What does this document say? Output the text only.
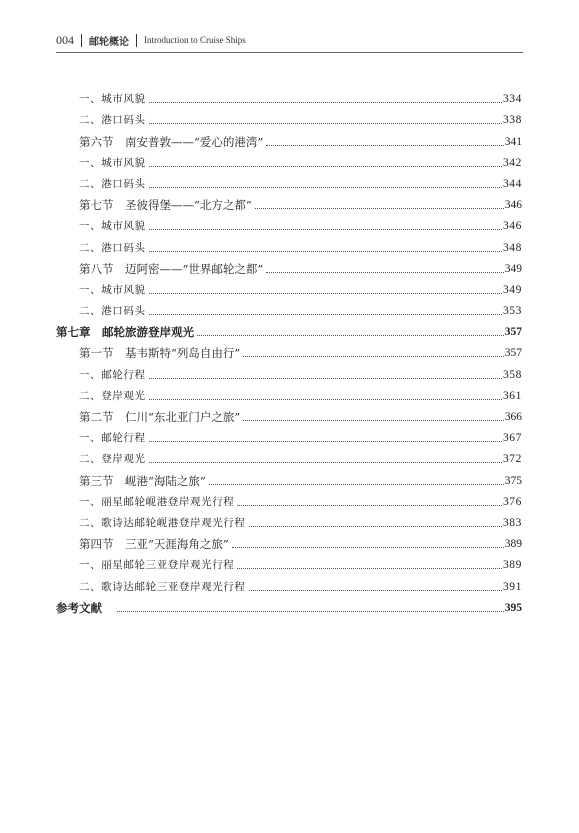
004 邮轮概论 Introduction to Cruise Ships
一、城市风貌	334
二、港口码头	338
第六节　南安普敦——“爱心的港湾”	341
一、城市风貌	342
二、港口码头	344
第七节　圣彼得堡——“北方之都”	346
一、城市风貌	346
二、港口码头	348
第八节　迈阿密——“世界邮轮之都”	349
一、城市风貌	349
二、港口码头	353
第七章　邮轮旅游登岸观光	357
第一节　基韦斯特“列岛自由行”	357
一、邮轮行程	358
二、登岸观光	361
第二节　仁川“东北亚门户之旅”	366
一、邮轮行程	367
二、登岸观光	372
第三节　岘港“海陆之旅”	375
一、丽星邮轮岘港登岸观光行程	376
二、歌诗达邮轮岘港登岸观光行程	383
第四节　三亚“天涯海角之旅”	389
一、丽星邮轮三亚登岸观光行程	389
二、歌诗达邮轮三亚登岸观光行程	391
参考文献	395
